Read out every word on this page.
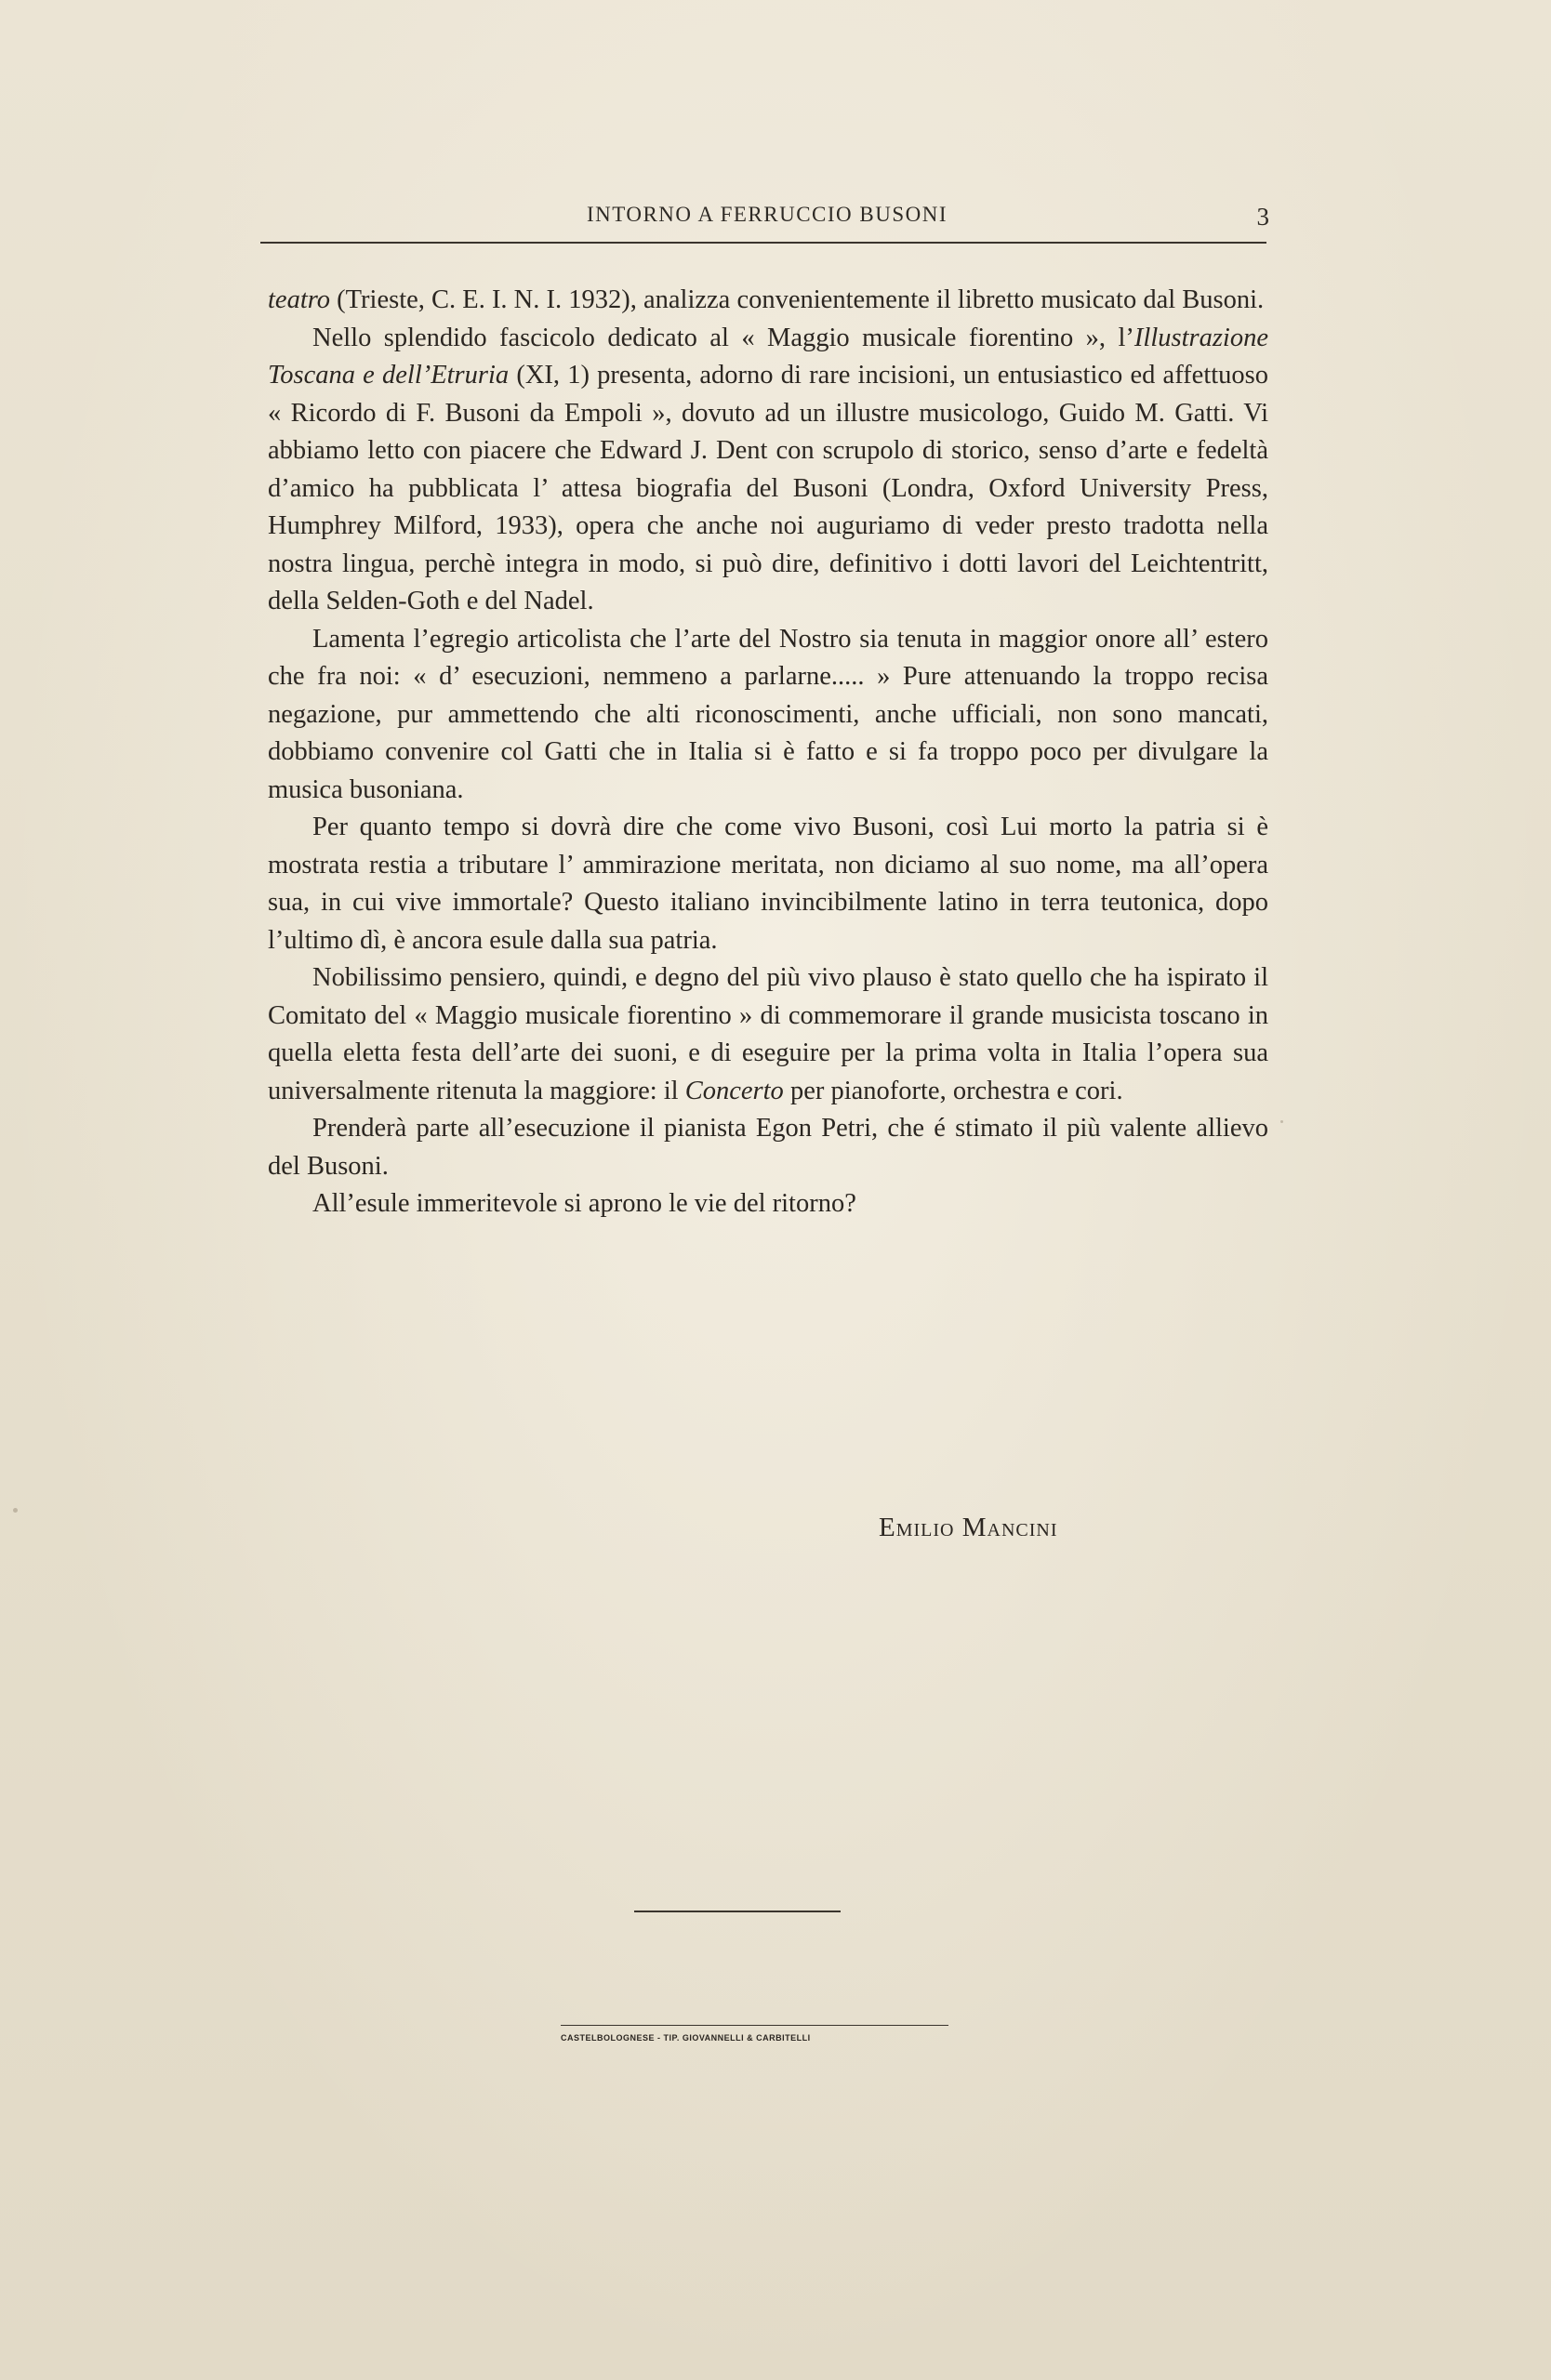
INTORNO A FERRUCCIO BUSONI	3

teatro (Trieste, C. E. I. N. I. 1932), analizza convenientemente il libretto musicato dal Busoni.

Nello splendido fascicolo dedicato al « Maggio musicale fiorentino », l’Illustrazione Toscana e dell’Etruria (XI, 1) presenta, adorno di rare incisioni, un entusiastico ed affettuoso « Ricordo di F. Busoni da Empoli », dovuto ad un illustre musicologo, Guido M. Gatti. Vi abbiamo letto con piacere che Edward J. Dent con scrupolo di storico, senso d’arte e fedeltà d’amico ha pubblicata l’ attesa biografia del Busoni (Londra, Oxford University Press, Humphrey Milford, 1933), opera che anche noi auguriamo di veder presto tradotta nella nostra lingua, perchè integra in modo, si può dire, definitivo i dotti lavori del Leichtentritt, della Selden-Goth e del Nadel.

Lamenta l’egregio articolista che l’arte del Nostro sia tenuta in maggior onore all’ estero che fra noi: « d’ esecuzioni, nemmeno a parlarne..... » Pure attenuando la troppo recisa negazione, pur ammettendo che alti riconoscimenti, anche ufficiali, non sono mancati, dobbiamo convenire col Gatti che in Italia si è fatto e si fa troppo poco per divulgare la musica busoniana.

Per quanto tempo si dovrà dire che come vivo Busoni, così Lui morto la patria si è mostrata restia a tributare l’ ammirazione meritata, non diciamo al suo nome, ma all’opera sua, in cui vive immortale? Questo italiano invincibilmente latino in terra teutonica, dopo l’ultimo dì, è ancora esule dalla sua patria.

Nobilissimo pensiero, quindi, e degno del più vivo plauso è stato quello che ha ispirato il Comitato del « Maggio musicale fiorentino » di commemorare il grande musicista toscano in quella eletta festa dell’arte dei suoni, e di eseguire per la prima volta in Italia l’opera sua universalmente ritenuta la maggiore: il Concerto per pianoforte, orchestra e cori.

Prenderà parte all’esecuzione il pianista Egon Petri, che é stimato il più valente allievo del Busoni.

All’esule immeritevole si aprono le vie del ritorno?

Emilio Mancini
CASTELBOLOGNESE - TIP. GIOVANNELLI & CARBITELLI
